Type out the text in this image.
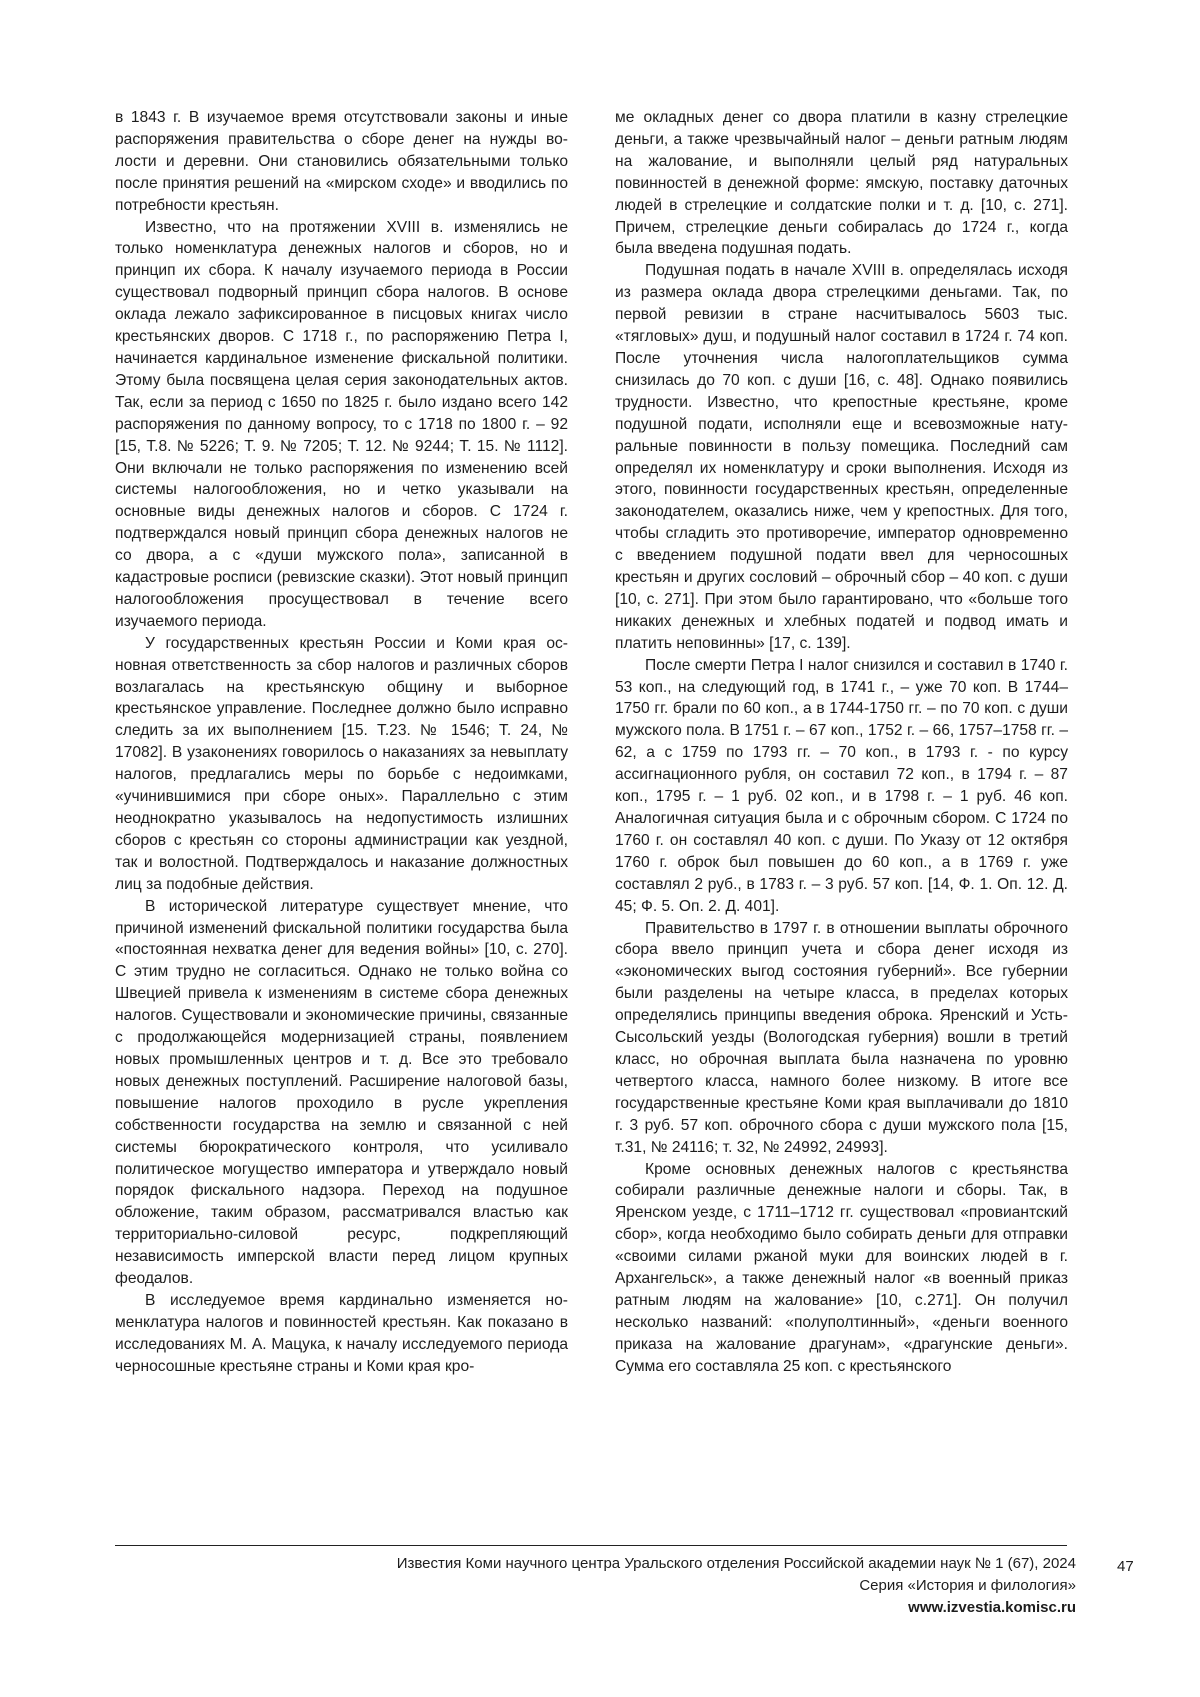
в 1843 г. В изучаемое время отсутствовали законы и иные распоряжения правительства о сборе денег на нужды волости и деревни. Они становились обязательными только после принятия решений на «мирском сходе» и вводились по потребности крестьян.

Известно, что на протяжении XVIII в. изменялись не только номенклатура денежных налогов и сборов, но и принцип их сбора. К началу изучаемого периода в России существовал подворный принцип сбора налогов. В основе оклада лежало зафиксированное в писцовых книгах число крестьянских дворов. С 1718 г., по распоряжению Петра I, начинается кардинальное изменение фискальной политики. Этому была посвящена целая серия законодательных актов. Так, если за период с 1650 по 1825 г. было издано всего 142 распоряжения по данному вопросу, то с 1718 по 1800 г. – 92 [15, Т.8. № 5226; Т. 9. № 7205; Т. 12. № 9244; Т. 15. № 1112]. Они включали не только распоряжения по изменению всей системы налогообложения, но и четко указывали на основные виды денежных налогов и сборов. С 1724 г. подтверждался новый принцип сбора денежных налогов не со двора, а с «души мужского пола», записанной в кадастровые росписи (ревизские сказки). Этот новый принцип налогообложения просуществовал в течение всего изучаемого периода.

У государственных крестьян России и Коми края основная ответственность за сбор налогов и различных сборов возлагалась на крестьянскую общину и выборное крестьянское управление. Последнее должно было исправно следить за их выполнением [15. Т.23. № 1546; Т. 24, № 17082]. В узаконениях говорилось о наказаниях за невыплату налогов, предлагались меры по борьбе с недоимками, «учинившимися при сборе оных». Параллельно с этим неоднократно указывалось на недопустимость излишних сборов с крестьян со стороны администрации как уездной, так и волостной. Подтверждалось и наказание должностных лиц за подобные действия.

В исторической литературе существует мнение, что причиной изменений фискальной политики государства была «постоянная нехватка денег для ведения войны» [10, с. 270]. С этим трудно не согласиться. Однако не только война со Швецией привела к изменениям в системе сбора денежных налогов. Существовали и экономические причины, связанные с продолжающейся модернизацией страны, появлением новых промышленных центров и т. д. Все это требовало новых денежных поступлений. Расширение налоговой базы, повышение налогов проходило в русле укрепления собственности государства на землю и связанной с ней системы бюрократического контроля, что усиливало политическое могущество императора и утверждало новый порядок фискального надзора. Переход на подушное обложение, таким образом, рассматривался властью как территориально-силовой ресурс, подкрепляющий независимость имперской власти перед лицом крупных феодалов.

В исследуемое время кардинально изменяется номенклатура налогов и повинностей крестьян. Как показано в исследованиях М. А. Мацука, к началу исследуемого периода черносошные крестьяне страны и Коми края кро-

ме окладных денег со двора платили в казну стрелецкие деньги, а также чрезвычайный налог – деньги ратным людям на жалование, и выполняли целый ряд натуральных повинностей в денежной форме: ямскую, поставку даточных людей в стрелецкие и солдатские полки и т. д. [10, с. 271]. Причем, стрелецкие деньги собиралась до 1724 г., когда была введена подушная подать.

Подушная подать в начале XVIII в. определялась исходя из размера оклада двора стрелецкими деньгами. Так, по первой ревизии в стране насчитывалось 5603 тыс. «тягловых» душ, и подушный налог составил в 1724 г. 74 коп. После уточнения числа налогоплательщиков сумма снизилась до 70 коп. с души [16, с. 48]. Однако появились трудности. Известно, что крепостные крестьяне, кроме подушной подати, исполняли еще и всевозможные натуральные повинности в пользу помещика. Последний сам определял их номенклатуру и сроки выполнения. Исходя из этого, повинности государственных крестьян, определенные законодателем, оказались ниже, чем у крепостных. Для того, чтобы сгладить это противоречие, император одновременно с введением подушной подати ввел для черносошных крестьян и других сословий – оброчный сбор – 40 коп. с души [10, с. 271]. При этом было гарантировано, что «больше того никаких денежных и хлебных податей и подвод имать и платить неповинны» [17, с. 139].

После смерти Петра I налог снизился и составил в 1740 г. 53 коп., на следующий год, в 1741 г., – уже 70 коп. В 1744–1750 гг. брали по 60 коп., а в 1744-1750 гг. – по 70 коп. с души мужского пола. В 1751 г. – 67 коп., 1752 г. – 66, 1757–1758 гг. – 62, а с 1759 по 1793 гг. – 70 коп., в 1793 г. - по курсу ассигнационного рубля, он составил 72 коп., в 1794 г. – 87 коп., 1795 г. – 1 руб. 02 коп., и в 1798 г. – 1 руб. 46 коп. Аналогичная ситуация была и с оброчным сбором. С 1724 по 1760 г. он составлял 40 коп. с души. По Указу от 12 октября 1760 г. оброк был повышен до 60 коп., а в 1769 г. уже составлял 2 руб., в 1783 г. – 3 руб. 57 коп. [14, Ф. 1. Оп. 12. Д. 45; Ф. 5. Оп. 2. Д. 401].

Правительство в 1797 г. в отношении выплаты оброчного сбора ввело принцип учета и сбора денег исходя из «экономических выгод состояния губерний». Все губернии были разделены на четыре класса, в пределах которых определялись принципы введения оброка. Яренский и Усть-Сысольский уезды (Вологодская губерния) вошли в третий класс, но оброчная выплата была назначена по уровню четвертого класса, намного более низкому. В итоге все государственные крестьяне Коми края выплачивали до 1810 г. 3 руб. 57 коп. оброчного сбора с души мужского пола [15, т.31, № 24116; т. 32, № 24992, 24993].

Кроме основных денежных налогов с крестьянства собирали различные денежные налоги и сборы. Так, в Яренском уезде, с 1711–1712 гг. существовал «провиантский сбор», когда необходимо было собирать деньги для отправки «своими силами ржаной муки для воинских людей в г. Архангельск», а также денежный налог «в военный приказ ратным людям на жалование» [10, с.271]. Он получил несколько названий: «полуполтинный», «деньги военного приказа на жалование драгунам», «драгунские деньги». Сумма его составляла 25 коп. с крестьянского

Известия Коми научного центра Уральского отделения Российской академии наук № 1 (67), 2024
Серия «История и филология»
www.izvestia.komisc.ru
47
